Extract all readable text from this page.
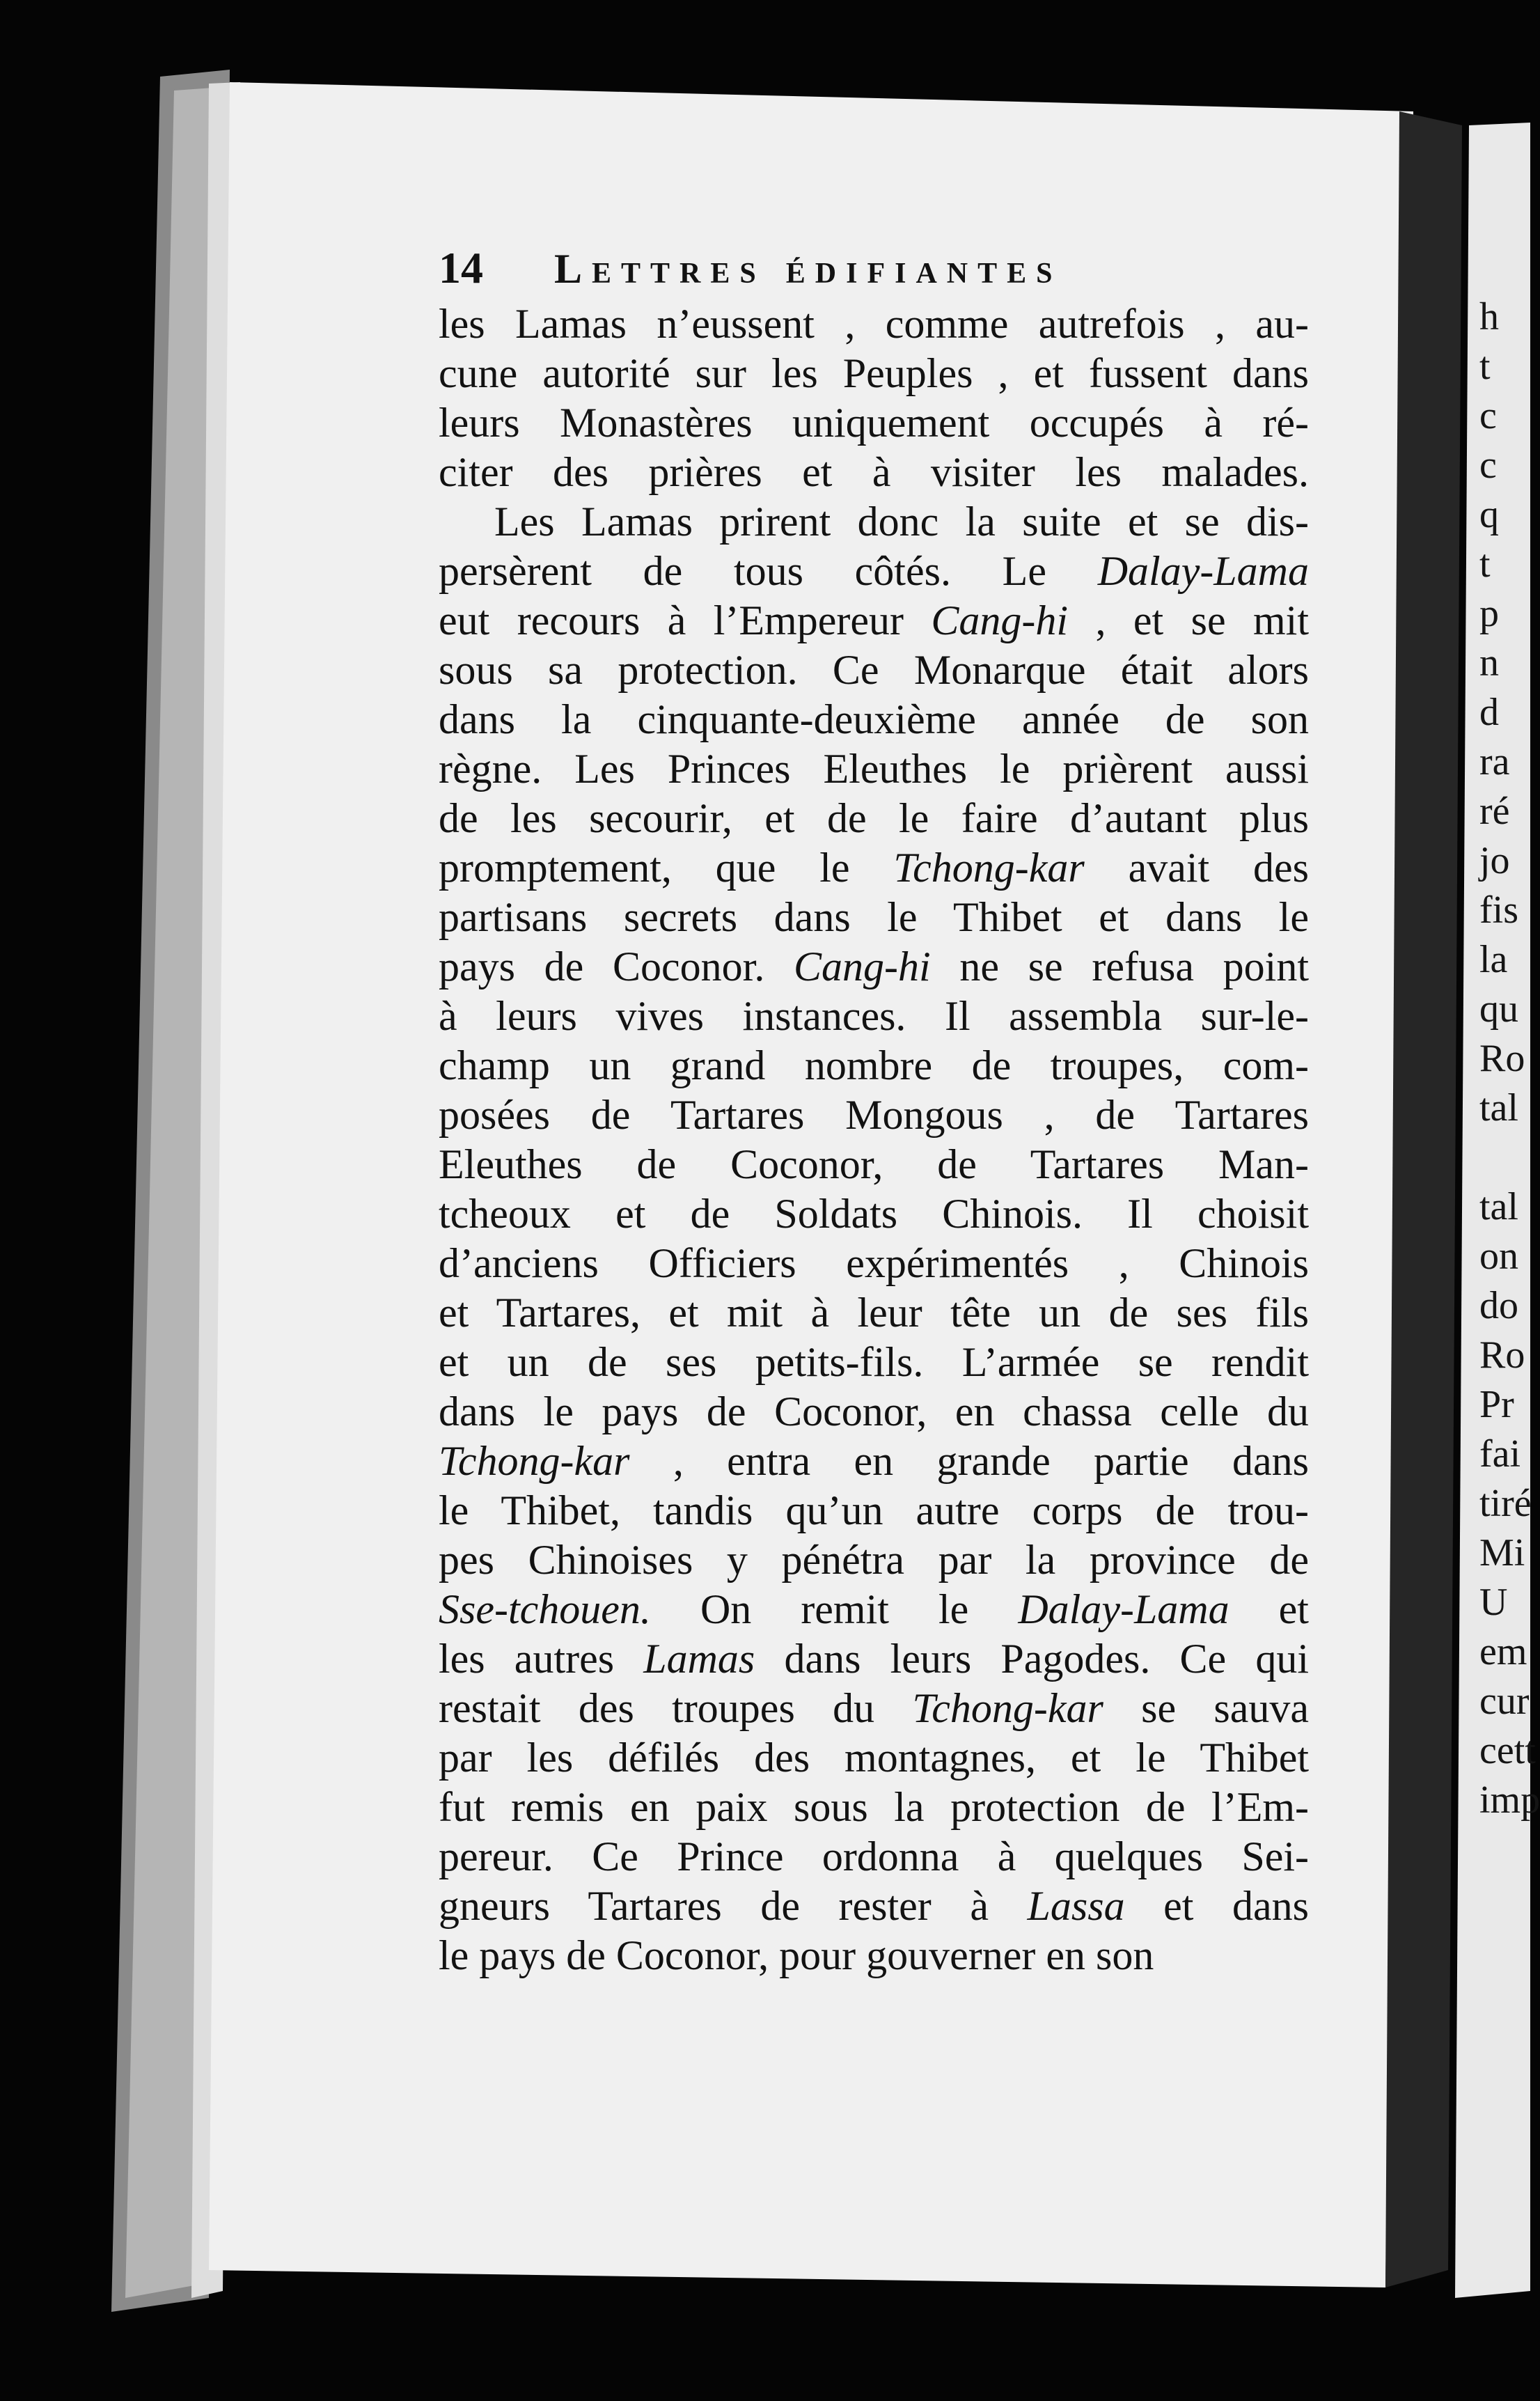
14 Lettres édifiantes
les Lamas n’eussent , comme autrefois , au-
cune autorité sur les Peuples , et fussent dans
leurs Monastères uniquement occupés à ré-
citer des prières et à visiter les malades.
Les Lamas prirent donc la suite et se dis-
persèrent de tous côtés. Le Dalay-Lama
eut recours à l’Empereur Cang-hi , et se mit
sous sa protection. Ce Monarque était alors
dans la cinquante-deuxième année de son
règne. Les Princes Eleuthes le prièrent aussi
de les secourir, et de le faire d’autant plus
promptement, que le Tchong-kar avait des
partisans secrets dans le Thibet et dans le
pays de Coconor. Cang-hi ne se refusa point
à leurs vives instances. Il assembla sur-le-
champ un grand nombre de troupes, com-
posées de Tartares Mongous , de Tartares
Eleuthes de Coconor, de Tartares Man-
tcheoux et de Soldats Chinois. Il choisit
d’anciens Officiers expérimentés , Chinois
et Tartares, et mit à leur tête un de ses fils
et un de ses petits-fils. L’armée se rendit
dans le pays de Coconor, en chassa celle du
Tchong-kar , entra en grande partie dans
le Thibet, tandis qu’un autre corps de trou-
pes Chinoises y pénétra par la province de
Sse-tchouen. On remit le Dalay-Lama et
les autres Lamas dans leurs Pagodes. Ce qui
restait des troupes du Tchong-kar se sauva
par les défilés des montagnes, et le Thibet
fut remis en paix sous la protection de l’Em-
pereur. Ce Prince ordonna à quelques Sei-
gneurs Tartares de rester à Lassa et dans
le pays de Coconor, pour gouverner en son
h
t
c
c
q
t
p
n
d
ra
ré
jo
fis
la
qu
Ro
tal
tal
on
do
Ro
Pr
fai
tiré
Mi
U
em
cur
cett
imp
